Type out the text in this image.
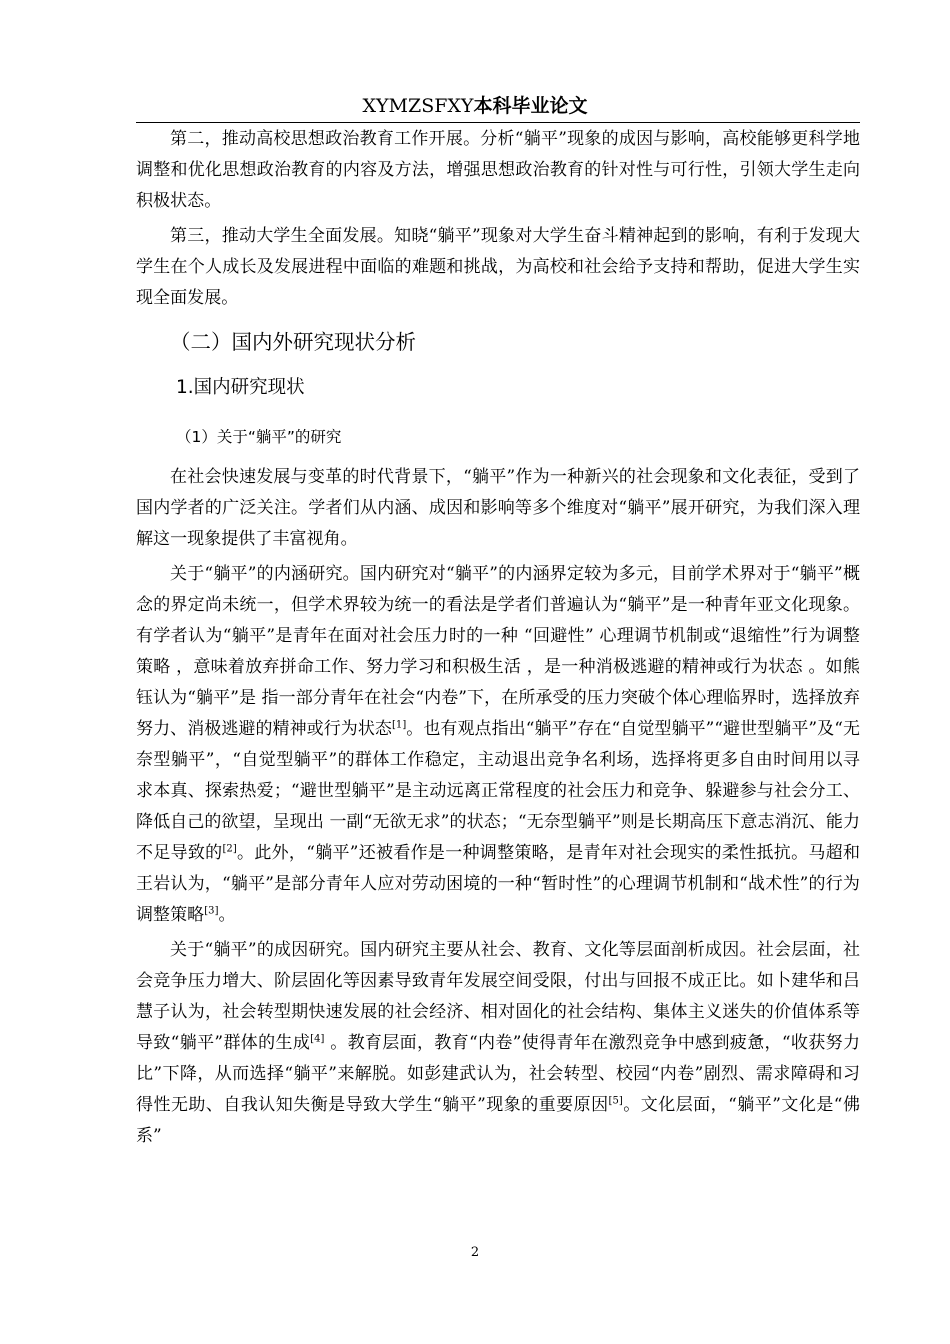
XYMZSFXY本科毕业论文

第二，推动高校思想政治教育工作开展。分析“躺平”现象的成因与影响，高校能够更科学地调整和优化思想政治教育的内容及方法，增强思想政治教育的针对性与可行性，引领大学生走向积极状态。

第三，推动大学生全面发展。知晓“躺平”现象对大学生奋斗精神起到的影响，有利于发现大学生在个人成长及发展进程中面临的难题和挑战，为高校和社会给予支持和帮助，促进大学生实现全面发展。

（二）国内外研究现状分析
1.国内研究现状
（1）关于“躺平”的研究

在社会快速发展与变革的时代背景下，“躺平”作为一种新兴的社会现象和文化表征，受到了国内学者的广泛关注。学者们从内涵、成因和影响等多个维度对“躺平”展开研究，为我们深入理解这一现象提供了丰富视角。

关于“躺平”的内涵研究。国内研究对“躺平”的内涵界定较为多元，目前学术界对于“躺平”概念的界定尚未统一，但学术界较为统一的看法是学者们普遍认为“躺平”是一种青年亚文化现象。有学者认为“躺平”是青年在面对社会压力时的一种 “回避性” 心理调节机制或“退缩性”行为调整策略 ，意味着放弃拼命工作、努力学习和积极生活 ，是一种消极逃避的精神或行为状态 。如熊钰认为“躺平”是 指一部分青年在社会“内卷”下，在所承受的压力突破个体心理临界时，选择放弃努力、消极逃避的精神或行为状态[1]。也有观点指出“躺平”存在“自觉型躺平”“避世型躺平”及“无奈型躺平”，“自觉型躺平”的群体工作稳定，主动退出竞争名利场，选择将更多自由时间用以寻求本真、探索热爱；“避世型躺平”是主动远离正常程度的社会压力和竞争、躲避参与社会分工、降低自己的欲望，呈现出 一副“无欲无求”的状态；“无奈型躺平”则是长期高压下意志消沉、能力不足导致的[2]。此外，“躺平”还被看作是一种调整策略，是青年对社会现实的柔性抵抗。马超和王岩认为，“躺平”是部分青年人应对劳动困境的一种“暂时性”的心理调节机制和“战术性”的行为调整策略[3]。

关于“躺平”的成因研究。国内研究主要从社会、教育、文化等层面剖析成因。社会层面，社会竞争压力增大、阶层固化等因素导致青年发展空间受限，付出与回报不成正比。如卜建华和吕慧子认为，社会转型期快速发展的社会经济、相对固化的社会结构、集体主义迷失的价值体系等导致“躺平”群体的生成[4] 。教育层面，教育“内卷”使得青年在激烈竞争中感到疲惫，“收获努力比”下降，从而选择“躺平”来解脱。如彭建武认为，社会转型、校园“内卷”剧烈、需求障碍和习得性无助、自我认知失衡是导致大学生“躺平”现象的重要原因[5]。文化层面，“躺平”文化是“佛系”

2
